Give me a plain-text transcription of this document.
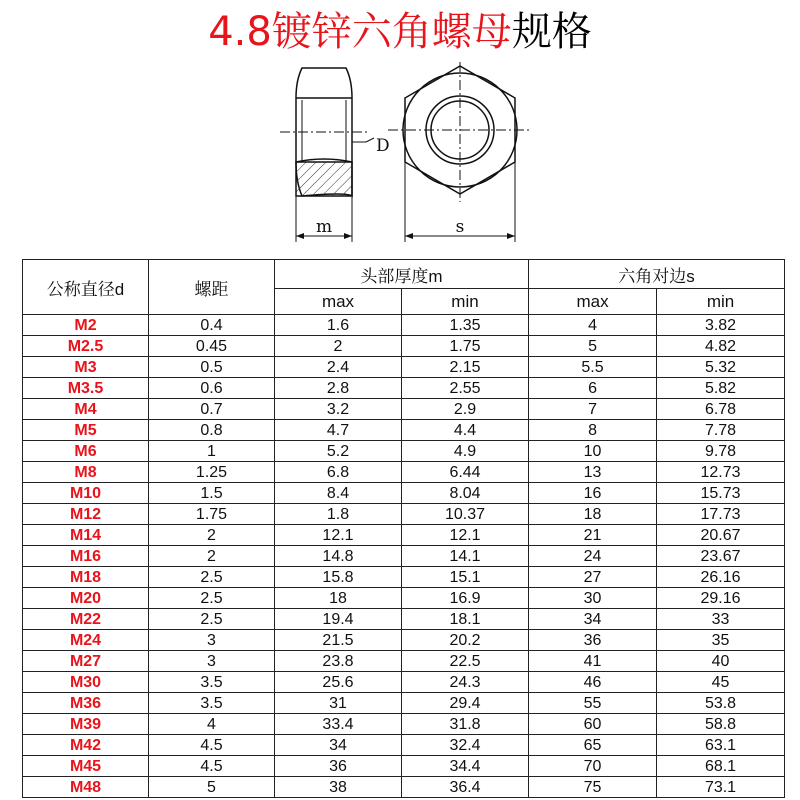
4.8镀锌六角螺母规格
D
m	s
公称直径d	螺距	头部厚度m		六角对边s	
		max	min	max	min
M2	0.4	1.6	1.35	4	3.82
M2.5	0.45	2	1.75	5	4.82
M3	0.5	2.4	2.15	5.5	5.32
M3.5	0.6	2.8	2.55	6	5.82
M4	0.7	3.2	2.9	7	6.78
M5	0.8	4.7	4.4	8	7.78
M6	1	5.2	4.9	10	9.78
M8	1.25	6.8	6.44	13	12.73
M10	1.5	8.4	8.04	16	15.73
M12	1.75	1.8	10.37	18	17.73
M14	2	12.1	12.1	21	20.67
M16	2	14.8	14.1	24	23.67
M18	2.5	15.8	15.1	27	26.16
M20	2.5	18	16.9	30	29.16
M22	2.5	19.4	18.1	34	33
M24	3	21.5	20.2	36	35
M27	3	23.8	22.5	41	40
M30	3.5	25.6	24.3	46	45
M36	3.5	31	29.4	55	53.8
M39	4	33.4	31.8	60	58.8
M42	4.5	34	32.4	65	63.1
M45	4.5	36	34.4	70	68.1
M48	5	38	36.4	75	73.1
